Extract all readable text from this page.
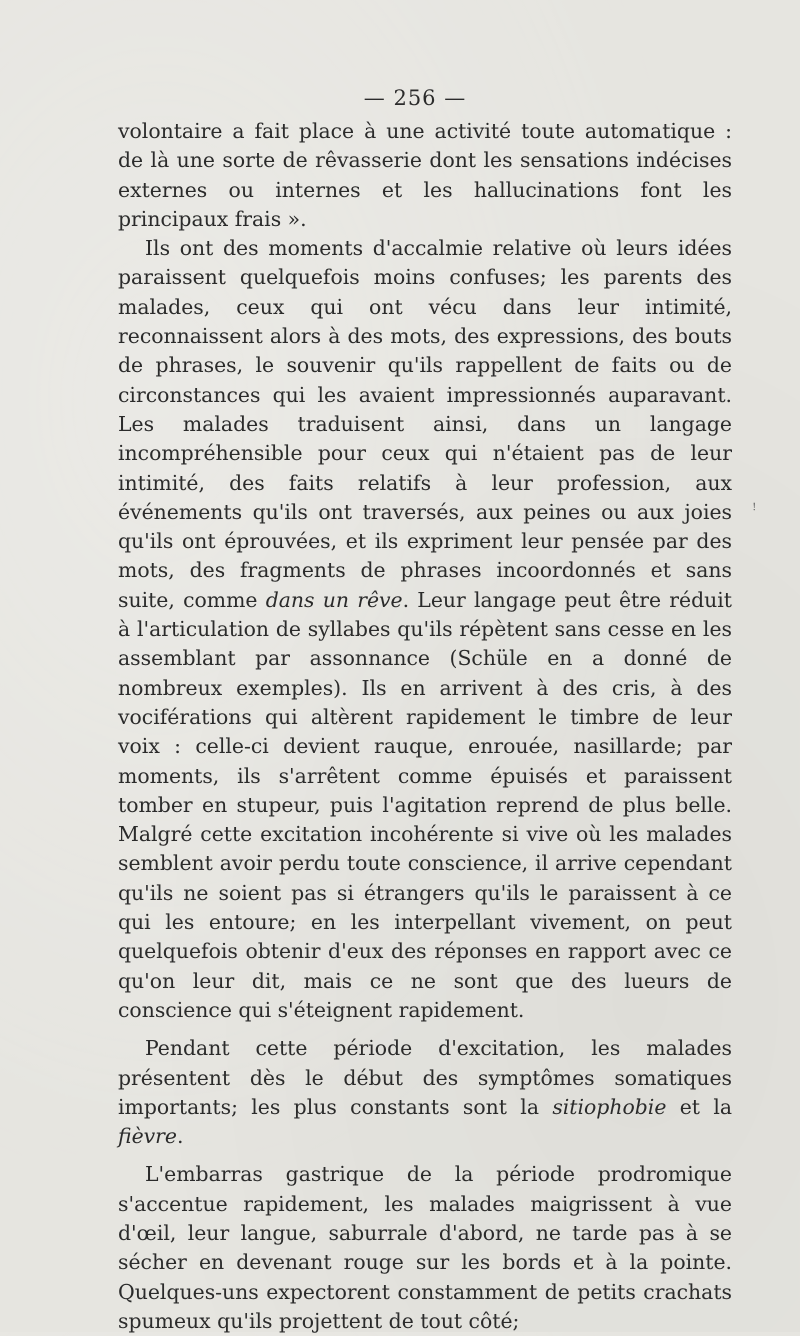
— 256 —

volontaire a fait place à une activité toute automatique : de là une sorte de rêvasserie dont les sensations indécises externes ou internes et les hallucinations font les principaux frais ».

Ils ont des moments d'accalmie relative où leurs idées paraissent quelquefois moins confuses; les parents des malades, ceux qui ont vécu dans leur intimité, reconnaissent alors à des mots, des expressions, des bouts de phrases, le souvenir qu'ils rappellent de faits ou de circonstances qui les avaient impressionnés auparavant. Les malades traduisent ainsi, dans un langage incompréhensible pour ceux qui n'étaient pas de leur intimité, des faits relatifs à leur profession, aux événements qu'ils ont traversés, aux peines ou aux joies qu'ils ont éprouvées, et ils expriment leur pensée par des mots, des fragments de phrases incoordonnés et sans suite, comme dans un rêve. Leur langage peut être réduit à l'articulation de syllabes qu'ils répètent sans cesse en les assemblant par assonnance (Schüle en a donné de nombreux exemples). Ils en arrivent à des cris, à des vociférations qui altèrent rapidement le timbre de leur voix : celle-ci devient rauque, enrouée, nasillarde; par moments, ils s'arrêtent comme épuisés et paraissent tomber en stupeur, puis l'agitation reprend de plus belle. Malgré cette excitation incohérente si vive où les malades semblent avoir perdu toute conscience, il arrive cependant qu'ils ne soient pas si étrangers qu'ils le paraissent à ce qui les entoure; en les interpellant vivement, on peut quelquefois obtenir d'eux des réponses en rapport avec ce qu'on leur dit, mais ce ne sont que des lueurs de conscience qui s'éteignent rapidement.

Pendant cette période d'excitation, les malades présentent dès le début des symptômes somatiques importants; les plus constants sont la sitiophobie et la fièvre.

L'embarras gastrique de la période prodromique s'accentue rapidement, les malades maigrissent à vue d'œil, leur langue, saburrale d'abord, ne tarde pas à se sécher en devenant rouge sur les bords et à la pointe. Quelques-uns expectorent constamment de petits crachats spumeux qu'ils projettent de tout côté;

ꜝ
